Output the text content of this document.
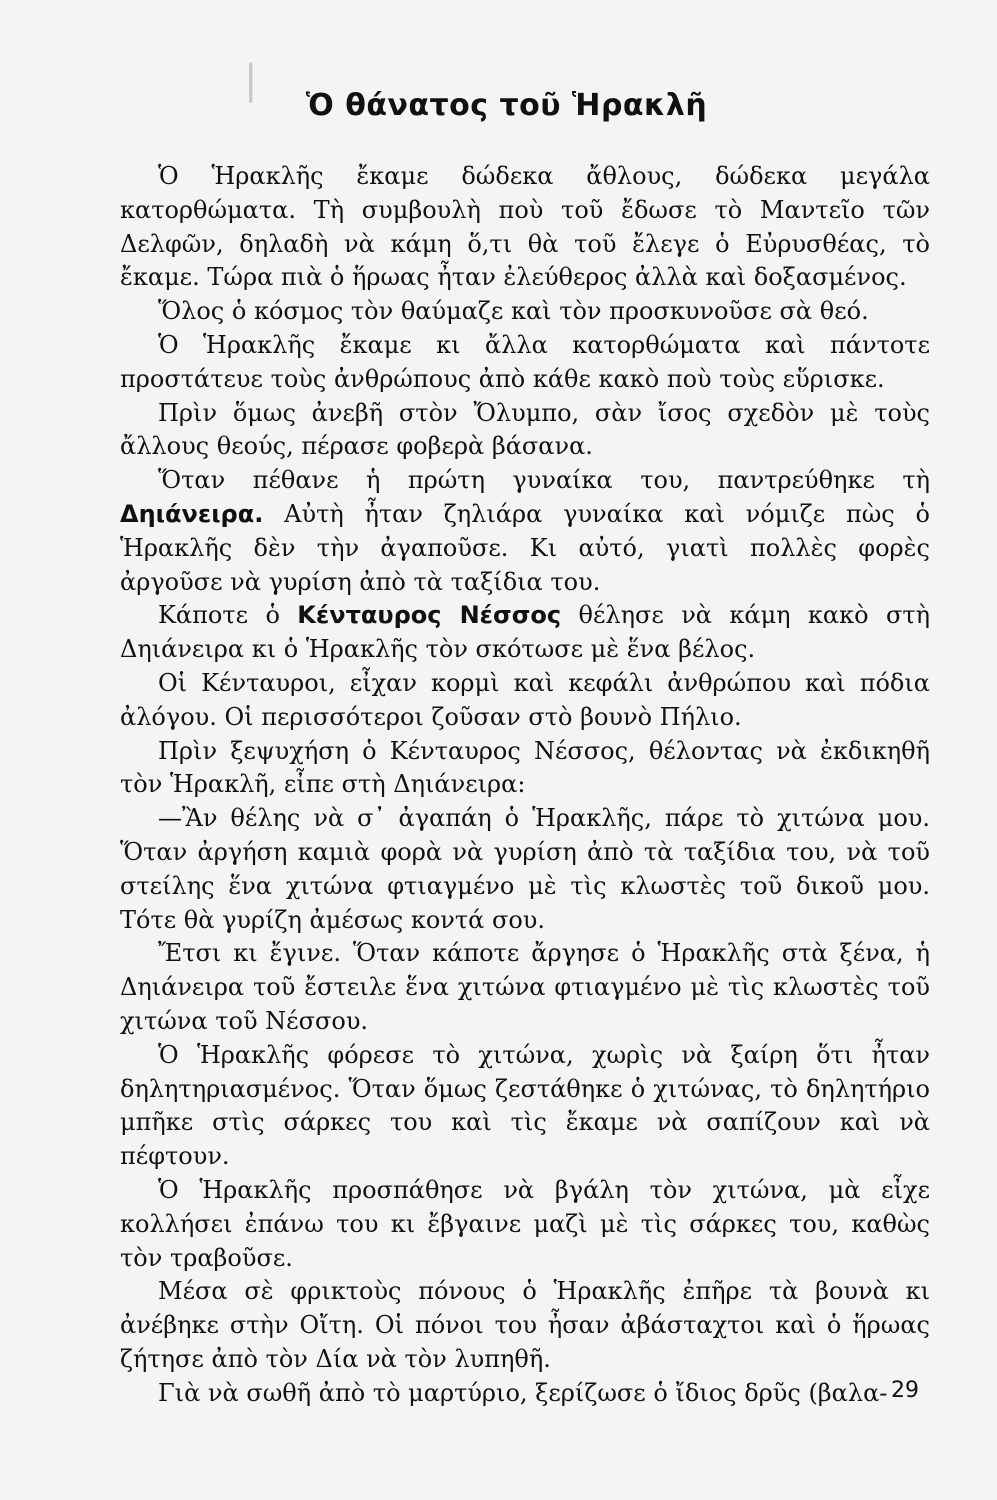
|
Ὁ θάνατος τοῦ Ἡρακλῆ

Ὁ Ἡρακλῆς ἔκαμε δώδεκα ἄθλους, δώδεκα μεγάλα κατορθώματα. Τὴ συμβουλὴ ποὺ τοῦ ἔδωσε τὸ Μαντεῖο τῶν Δελφῶν, δηλαδὴ νὰ κάμη ὅ,τι θὰ τοῦ ἔλεγε ὁ Εὐρυσθέας, τὸ ἔκαμε. Τώρα πιὰ ὁ ἥρωας ἦταν ἐλεύθερος ἀλλὰ καὶ δοξασμένος.

Ὅλος ὁ κόσμος τὸν θαύμαζε καὶ τὸν προσκυνοῦσε σὰ θεό.

Ὁ Ἡρακλῆς ἔκαμε κι ἄλλα κατορθώματα καὶ πάντοτε προστάτευε τοὺς ἀνθρώπους ἀπὸ κάθε κακὸ ποὺ τοὺς εὕρισκε.

Πρὶν ὅμως ἀνεβῆ στὸν Ὄλυμπο, σὰν ἴσος σχεδὸν μὲ τοὺς ἄλλους θεούς, πέρασε φοβερὰ βάσανα.

Ὅταν πέθανε ἡ πρώτη γυναίκα του, παντρεύθηκε τὴ Δηιάνειρα. Αὐτὴ ἦταν ζηλιάρα γυναίκα καὶ νόμιζε πὼς ὁ Ἡρακλῆς δὲν τὴν ἀγαποῦσε. Κι αὐτό, γιατὶ πολλὲς φορὲς ἀργοῦσε νὰ γυρίση ἀπὸ τὰ ταξίδια του.

Κάποτε ὁ Κένταυρος Νέσσος θέλησε νὰ κάμη κακὸ στὴ Δηιάνειρα κι ὁ Ἡρακλῆς τὸν σκότωσε μὲ ἕνα βέλος.

Οἱ Κένταυροι, εἶχαν κορμὶ καὶ κεφάλι ἀνθρώπου καὶ πόδια ἀλόγου. Οἱ περισσότεροι ζοῦσαν στὸ βουνὸ Πήλιο.

Πρὶν ξεψυχήση ὁ Κένταυρος Νέσσος, θέλοντας νὰ ἐκδικηθῆ τὸν Ἡρακλῆ, εἶπε στὴ Δηιάνειρα:

—Ἂν θέλης νὰ σ᾿ ἀγαπάη ὁ Ἡρακλῆς, πάρε τὸ χιτώνα μου. Ὅταν ἀργήση καμιὰ φορὰ νὰ γυρίση ἀπὸ τὰ ταξίδια του, νὰ τοῦ στείλης ἕνα χιτώνα φτιαγμένο μὲ τὶς κλωστὲς τοῦ δικοῦ μου. Τότε θὰ γυρίζη ἀμέσως κοντά σου.

Ἔτσι κι ἔγινε. Ὅταν κάποτε ἄργησε ὁ Ἡρακλῆς στὰ ξένα, ἡ Δηιάνειρα τοῦ ἔστειλε ἕνα χιτώνα φτιαγμένο μὲ τὶς κλωστὲς τοῦ χιτώνα τοῦ Νέσσου.

Ὁ Ἡρακλῆς φόρεσε τὸ χιτώνα, χωρὶς νὰ ξαίρη ὅτι ἦταν δηλητηριασμένος. Ὅταν ὅμως ζεστάθηκε ὁ χιτώνας, τὸ δηλητήριο μπῆκε στὶς σάρκες του καὶ τὶς ἔκαμε νὰ σαπίζουν καὶ νὰ πέφτουν.

Ὁ Ἡρακλῆς προσπάθησε νὰ βγάλη τὸν χιτώνα, μὰ εἶχε κολλήσει ἐπάνω του κι ἔβγαινε μαζὶ μὲ τὶς σάρκες του, καθὼς τὸν τραβοῦσε.

Μέσα σὲ φρικτοὺς πόνους ὁ Ἡρακλῆς ἐπῆρε τὰ βουνὰ κι ἀνέβηκε στὴν Οἴτη. Οἱ πόνοι του ἦσαν ἀβάσταχτοι καὶ ὁ ἥρωας ζήτησε ἀπὸ τὸν Δία νὰ τὸν λυπηθῆ.

Γιὰ νὰ σωθῆ ἀπὸ τὸ μαρτύριο, ξερίζωσε ὁ ἴδιος δρῦς (βαλα- 29
